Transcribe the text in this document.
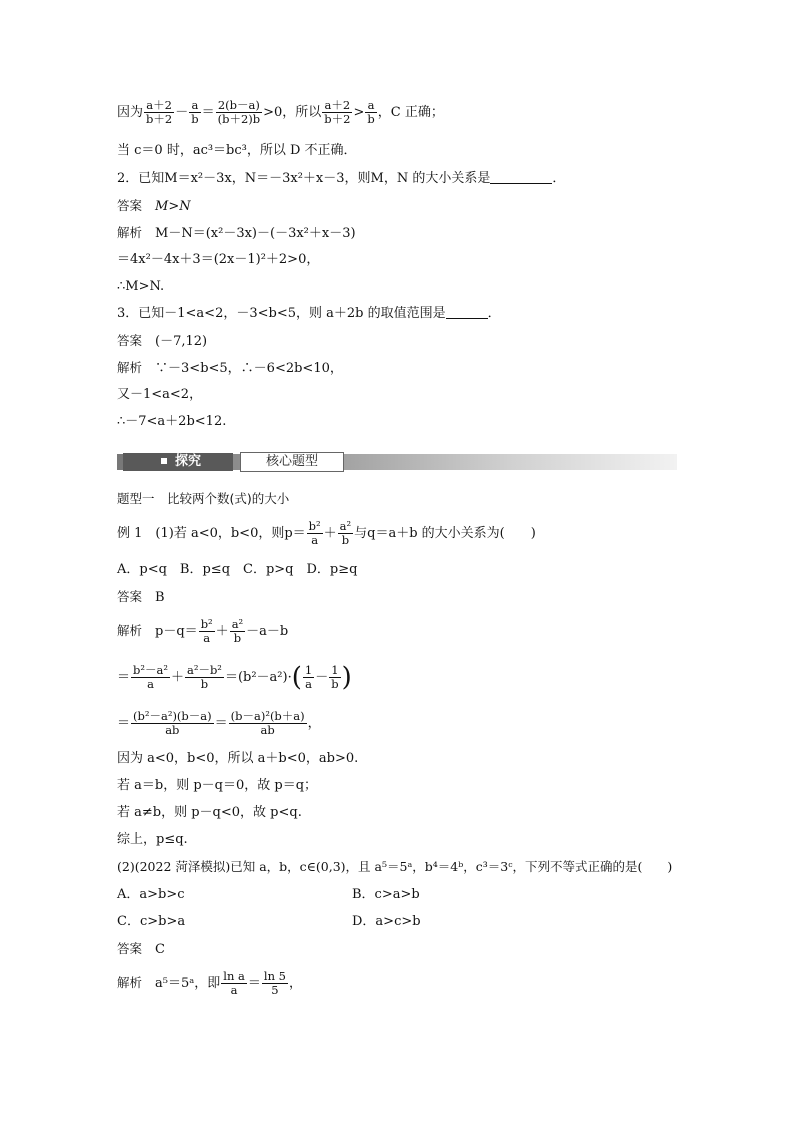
因为 $\frac{a+2}{b+2} - \frac{a}{b} = \frac{2(b-a)}{(b+2)b} >0$，所以 $\frac{a+2}{b+2} > \frac{a}{b}$ ，C 正确；
当 c＝0 时，ac³＝bc³，所以 D 不正确．
2．已知M＝x²－3x，N＝－3x²＋x－3，则M，N 的大小关系是	．
答案　 M>N
解析　 M－N＝(x²－3x)－(－3x²＋x－3)
＝4x²－4x＋3＝(2x－1)²＋2>0，
∴M>N.
3．已知－1<a<2，－3<b<5，则 a＋2b 的取值范围是	．
答案　 (－7,12)
解析　 ∵－3<b<5，∴－6<2b<10，
又－1<a<2，
∴－7<a＋2b<12.
探究	核心题型
题型一　比较两个数(式)的大小
例 1　(1)若 a<0，b<0，则$p= \frac{\text{b²}}{a} + \frac{\text{a²}}{b}$ 与q＝a＋b 的大小关系为(　　)
A．p<q　B．p≤q　C．p>q　D．p≥q
答案　 B
解析　 $p-q= \frac{\text{b²}}{a} + \frac{\text{a²}}{b} -a-b$
＝ $\frac{\text{b²－a²}}{a} + \frac{\text{a²－b²}}{b} =(b^2-a^2)\cdot( \frac{1}{a} - \frac{1}{b}$ )
＝ $\frac{\text{(b²－a²)(b－a)}}{ab} = \frac{\text{(b－a)²(b＋a)}}{ab}$ ，
因为 a<0，b<0，所以 a＋b<0，ab>0.
若 a＝b，则 p－q＝0，故 p＝q；
若 a≠b，则 p－q<0，故 p<q.
综上，p≤q.
(2)(2022 菏泽模拟)已知 a，b，c∈(0,3)，且 a⁵＝5ᵃ，b⁴＝4ᵇ，c³＝3ᶜ，下列不等式正确的是(　　)
A．a>b>c	B．c>a>b
C．c>b>a	D．a>c>b
答案　 C
解析　 a⁵＝5ᵃ，即 $\frac{\text{ln a}}{a} = \frac{\ln 5}{5}$ ，
